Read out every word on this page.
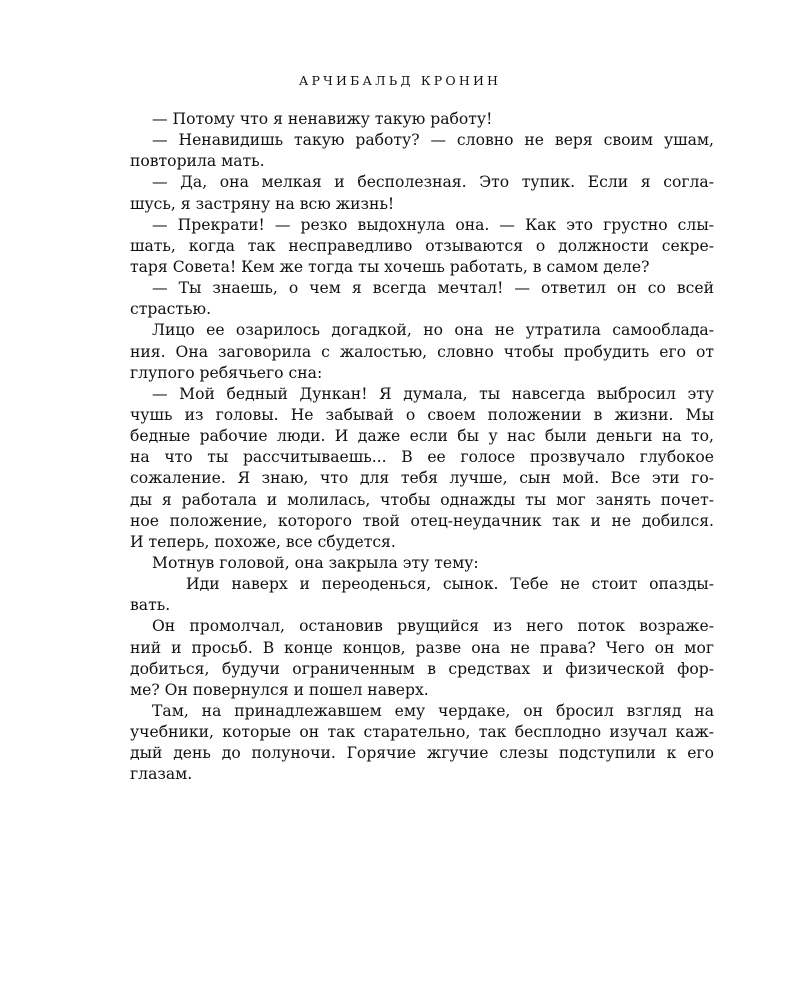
АРЧИБАЛЬД КРОНИН
— Потому что я ненавижу такую работу!
— Ненавидишь такую работу? — словно не веря своим ушам,
повторила мать.
— Да, она мелкая и бесполезная. Это тупик. Если я согла-
шусь, я застряну на всю жизнь!
— Прекрати! — резко выдохнула она. — Как это грустно слы-
шать, когда так несправедливо отзываются о должности секре-
таря Совета! Кем же тогда ты хочешь работать, в самом деле?
— Ты знаешь, о чем я всегда мечтал! — ответил он со всей
страстью.
Лицо ее озарилось догадкой, но она не утратила самооблада-
ния. Она заговорила с жалостью, словно чтобы пробудить его от
глупого ребячьего сна:
— Мой бедный Дункан! Я думала, ты навсегда выбросил эту
чушь из головы. Не забывай о своем положении в жизни. Мы
бедные рабочие люди. И даже если бы у нас были деньги на то,
на что ты рассчитываешь... В ее голосе прозвучало глубокое
сожаление. Я знаю, что для тебя лучше, сын мой. Все эти го-
ды я работала и молилась, чтобы однажды ты мог занять почет-
ное положение, которого твой отец-неудачник так и не добился.
И теперь, похоже, все сбудется.
Мотнув головой, она закрыла эту тему:
Иди наверх и переоденься, сынок. Тебе не стоит опазды-
вать.
Он промолчал, остановив рвущийся из него поток возраже-
ний и просьб. В конце концов, разве она не права? Чего он мог
добиться, будучи ограниченным в средствах и физической фор-
ме? Он повернулся и пошел наверх.
Там, на принадлежавшем ему чердаке, он бросил взгляд на
учебники, которые он так старательно, так бесплодно изучал каж-
дый день до полуночи. Горячие жгучие слезы подступили к его
глазам.
